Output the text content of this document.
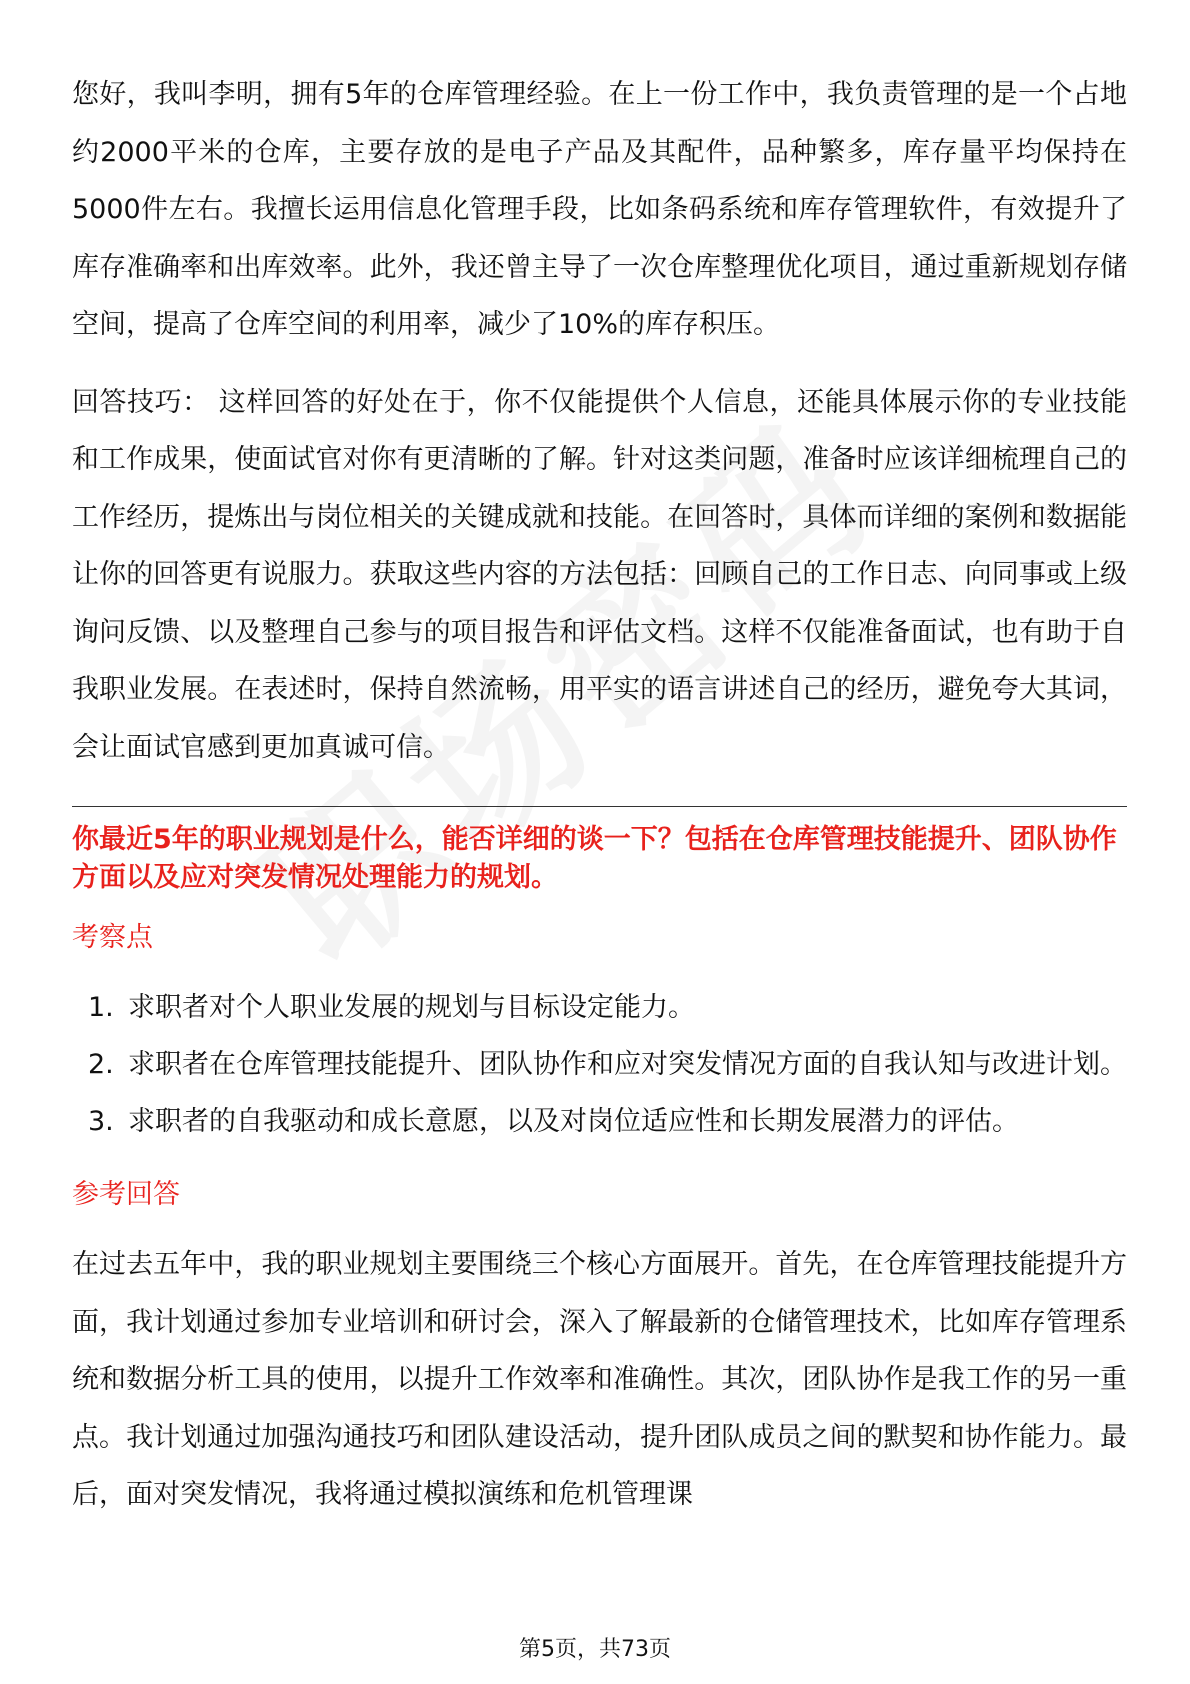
您好，我叫李明，拥有5年的仓库管理经验。在上一份工作中，我负责管理的是一个占地约2000平米的仓库，主要存放的是电子产品及其配件，品种繁多，库存量平均保持在5000件左右。我擅长运用信息化管理手段，比如条码系统和库存管理软件，有效提升了库存准确率和出库效率。此外，我还曾主导了一次仓库整理优化项目，通过重新规划存储空间，提高了仓库空间的利用率，减少了10%的库存积压。

回答技巧： 这样回答的好处在于，你不仅能提供个人信息，还能具体展示你的专业技能和工作成果，使面试官对你有更清晰的了解。针对这类问题，准备时应该详细梳理自己的工作经历，提炼出与岗位相关的关键成就和技能。在回答时，具体而详细的案例和数据能让你的回答更有说服力。获取这些内容的方法包括：回顾自己的工作日志、向同事或上级询问反馈、以及整理自己参与的项目报告和评估文档。这样不仅能准备面试，也有助于自我职业发展。在表述时，保持自然流畅，用平实的语言讲述自己的经历，避免夸大其词，会让面试官感到更加真诚可信。

你最近5年的职业规划是什么，能否详细的谈一下？包括在仓库管理技能提升、团队协作方面以及应对突发情况处理能力的规划。

考察点
1. 求职者对个人职业发展的规划与目标设定能力。
2. 求职者在仓库管理技能提升、团队协作和应对突发情况方面的自我认知与改进计划。
3. 求职者的自我驱动和成长意愿，以及对岗位适应性和长期发展潜力的评估。
参考回答

在过去五年中，我的职业规划主要围绕三个核心方面展开。首先，在仓库管理技能提升方面，我计划通过参加专业培训和研讨会，深入了解最新的仓储管理技术，比如库存管理系统和数据分析工具的使用，以提升工作效率和准确性。其次，团队协作是我工作的另一重点。我计划通过加强沟通技巧和团队建设活动，提升团队成员之间的默契和协作能力。最后，面对突发情况，我将通过模拟演练和危机管理课

第5页，共73页
